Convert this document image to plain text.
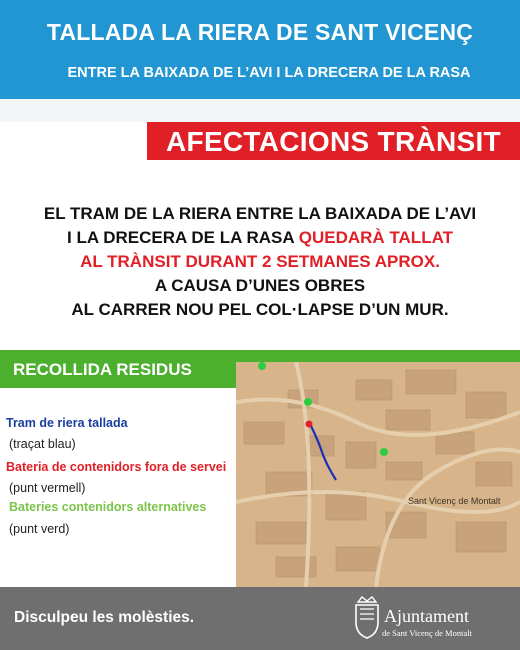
TALLADA LA RIERA DE SANT VICENÇ
ENTRE LA BAIXADA DE L’AVI I LA DRECERA DE LA RASA
AFECTACIONS TRÀNSIT
EL TRAM DE LA RIERA ENTRE LA BAIXADA DE L’AVI
I LA DRECERA DE LA RASA QUEDARÀ TALLAT
AL TRÀNSIT DURANT 2 SETMANES APROX.
A CAUSA D’UNES OBRES
AL CARRER NOU PEL COL·LAPSE D’UN MUR.
RECOLLIDA RESIDUS
Tram de riera tallada
(traçat blau)
Bateria de contenidors fora de servei
(punt vermell)
Bateries contenidors alternatives
(punt verd)
Sant Vicenç de Montalt
Disculpeu les molèsties.	Ajuntament
de Sant Vicenç de Montalt
